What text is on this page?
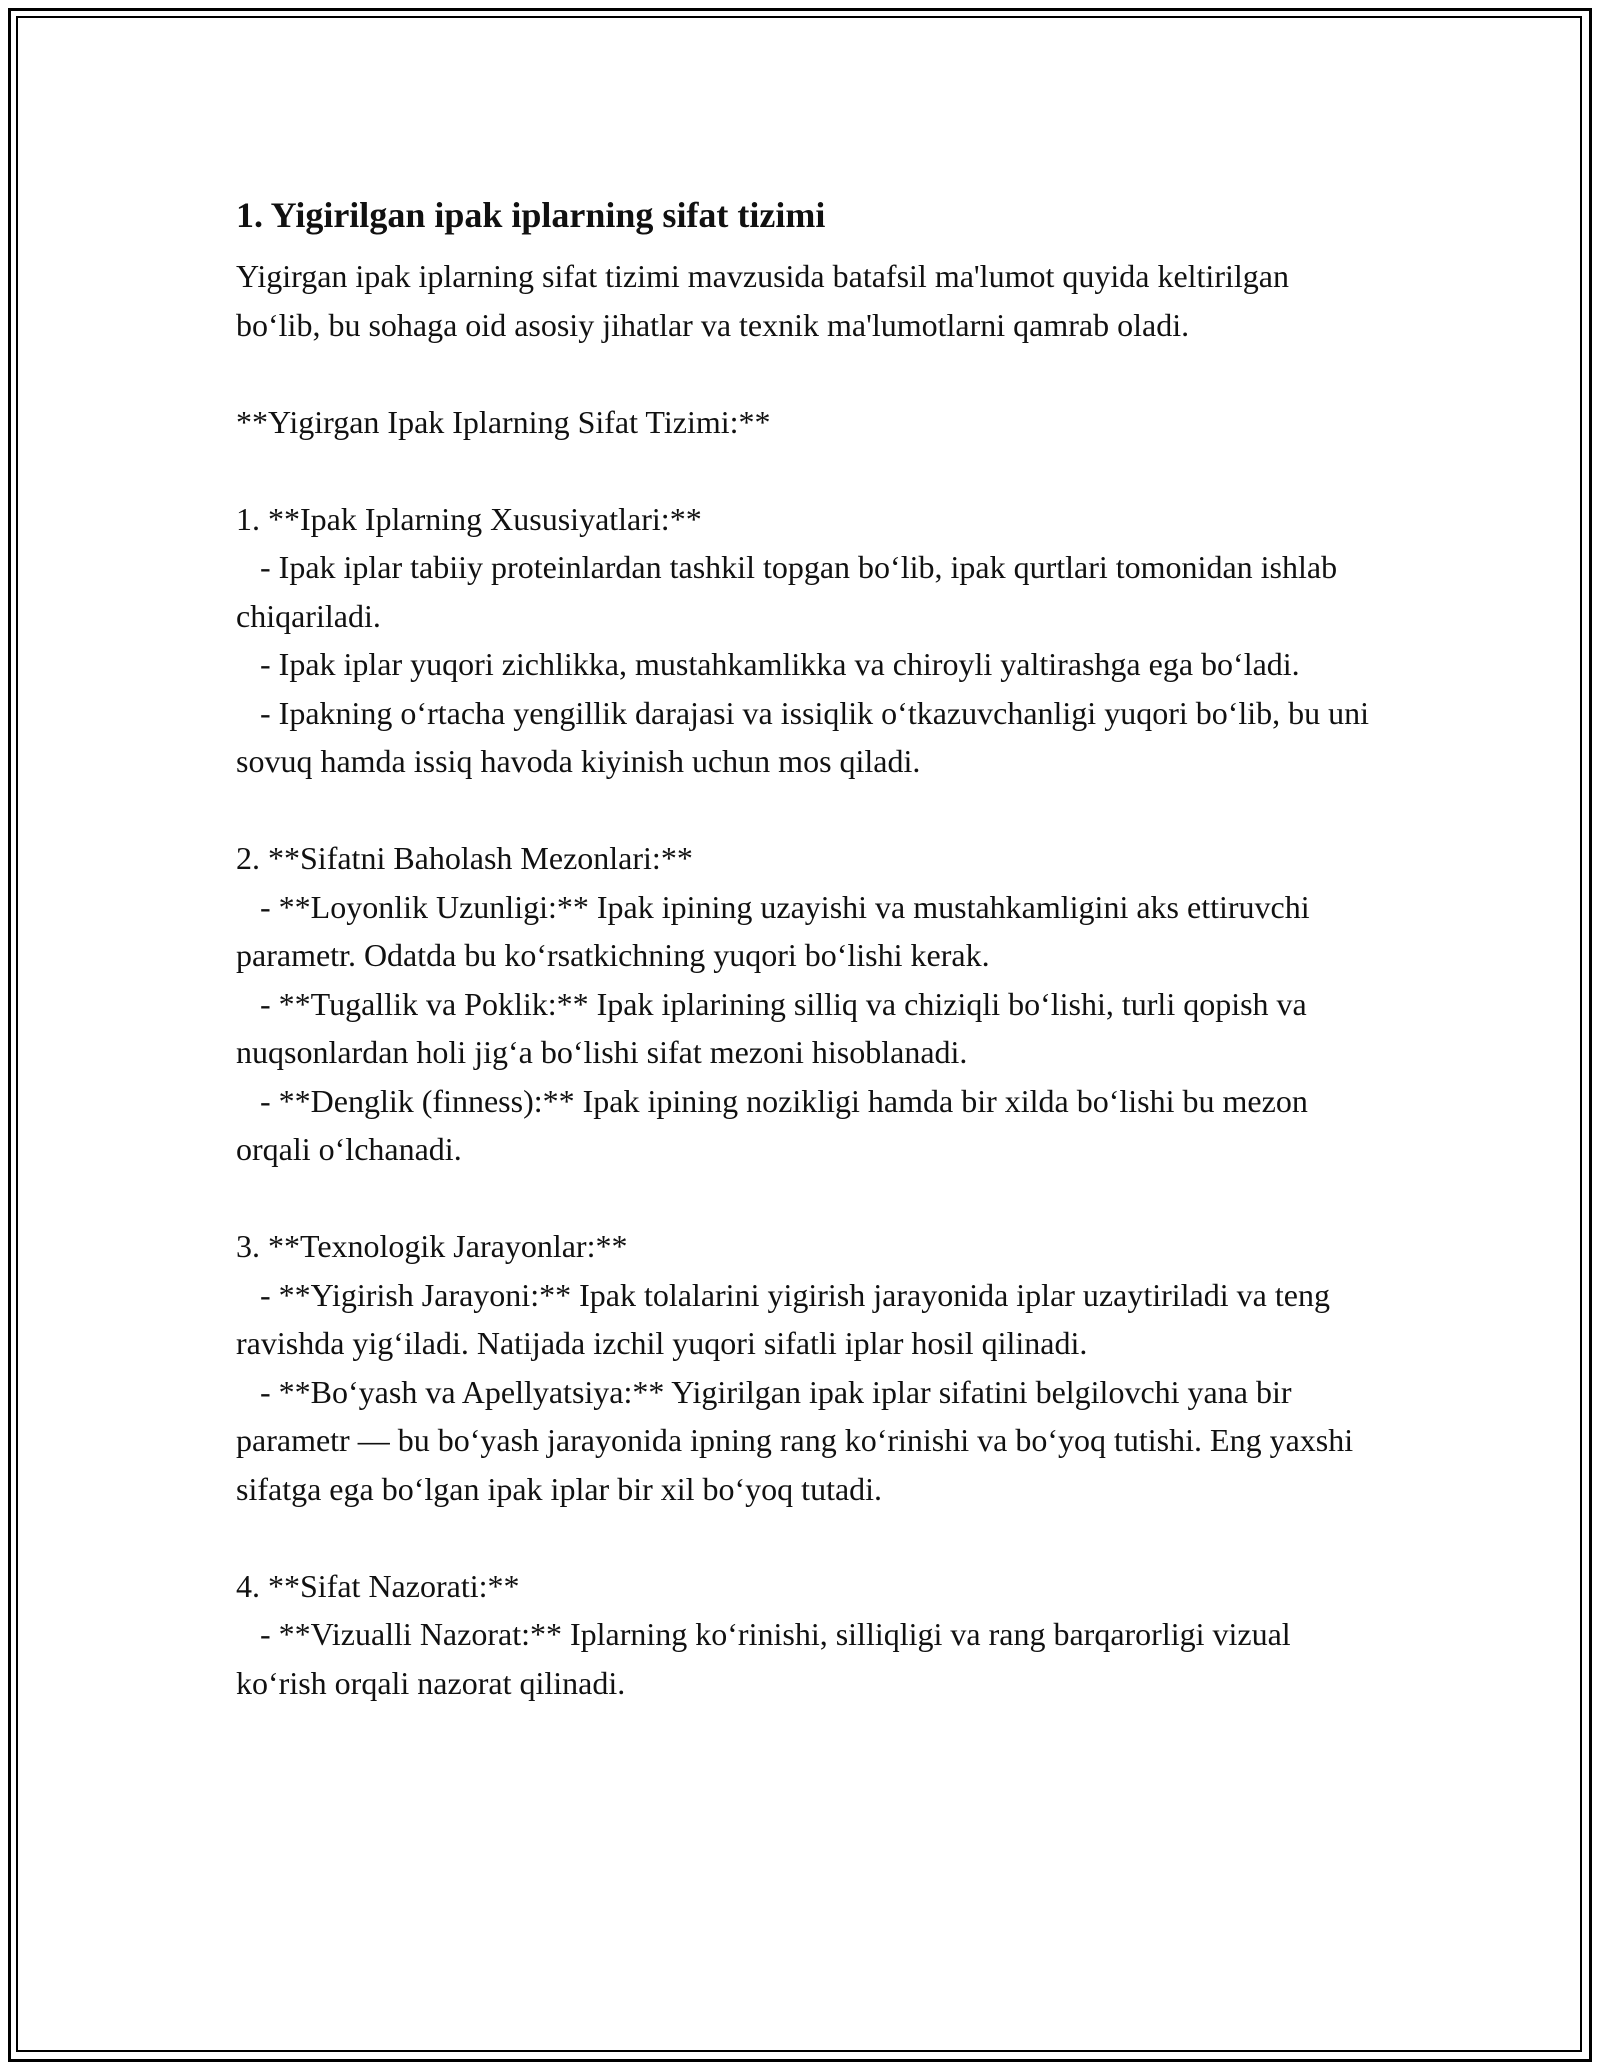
1. Yigirilgan ipak iplarning sifat tizimi

Yigirgan ipak iplarning sifat tizimi mavzusida batafsil ma'lumot quyida keltirilgan bo‘lib, bu sohaga oid asosiy jihatlar va texnik ma'lumotlarni qamrab oladi.

**Yigirgan Ipak Iplarning Sifat Tizimi:**

1. **Ipak Iplarning Xususiyatlari:**

- Ipak iplar tabiiy proteinlardan tashkil topgan bo‘lib, ipak qurtlari tomonidan ishlab chiqariladi.

- Ipak iplar yuqori zichlikka, mustahkamlikka va chiroyli yaltirashga ega bo‘ladi.

- Ipakning o‘rtacha yengillik darajasi va issiqlik o‘tkazuvchanligi yuqori bo‘lib, bu uni sovuq hamda issiq havoda kiyinish uchun mos qiladi.

2. **Sifatni Baholash Mezonlari:**

- **Loyonlik Uzunligi:** Ipak ipining uzayishi va mustahkamligini aks ettiruvchi parametr. Odatda bu ko‘rsatkichning yuqori bo‘lishi kerak.

- **Tugallik va Poklik:** Ipak iplarining silliq va chiziqli bo‘lishi, turli qopish va nuqsonlardan holi jig‘a bo‘lishi sifat mezoni hisoblanadi.

- **Denglik (finness):** Ipak ipining nozikligi hamda bir xilda bo‘lishi bu mezon orqali o‘lchanadi.

3. **Texnologik Jarayonlar:**

- **Yigirish Jarayoni:** Ipak tolalarini yigirish jarayonida iplar uzaytiriladi va teng ravishda yig‘iladi. Natijada izchil yuqori sifatli iplar hosil qilinadi.

- **Bo‘yash va Apellyatsiya:** Yigirilgan ipak iplar sifatini belgilovchi yana bir parametr — bu bo‘yash jarayonida ipning rang ko‘rinishi va bo‘yoq tutishi. Eng yaxshi sifatga ega bo‘lgan ipak iplar bir xil bo‘yoq tutadi.

4. **Sifat Nazorati:**

- **Vizualli Nazorat:** Iplarning ko‘rinishi, silliqligi va rang barqarorligi vizual ko‘rish orqali nazorat qilinadi.
